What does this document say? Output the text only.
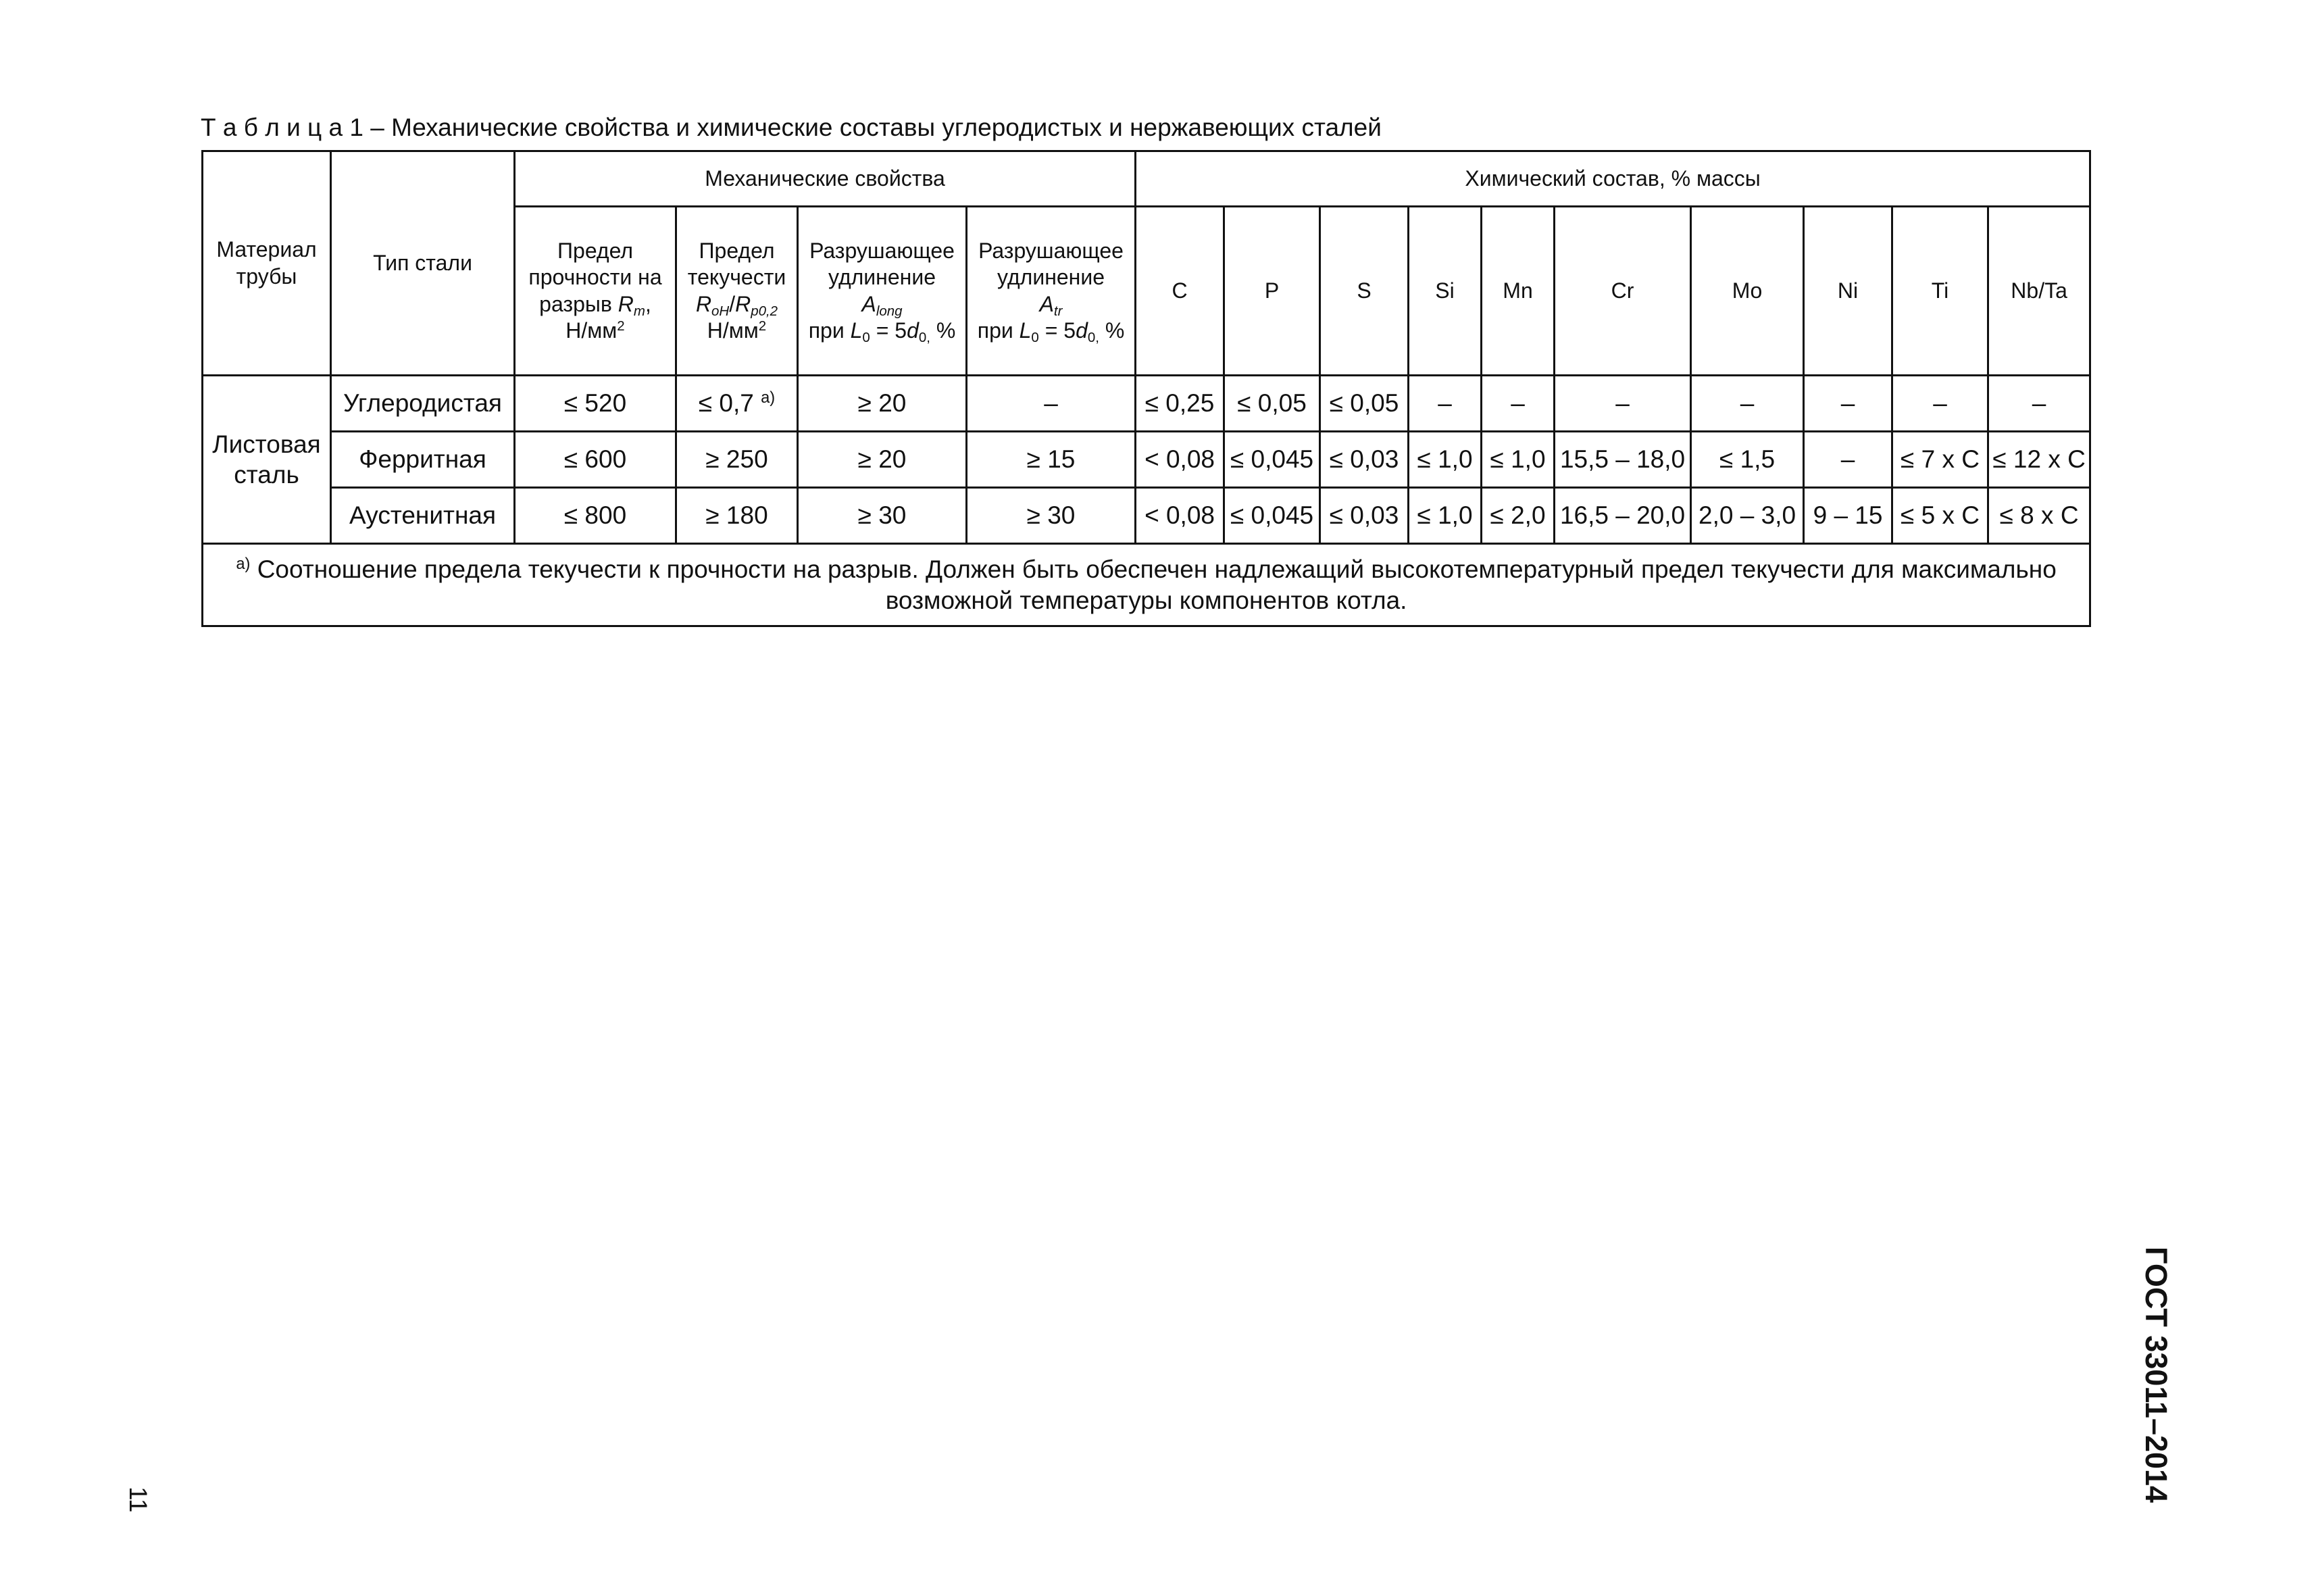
Т а б л и ц а 1 – Механические свойства и химические составы углеродистых и нержавеющих сталей
Материал трубы	Тип стали	Механические свойства				Химический состав, % массы									
		Предел
прочности на
разрыв $R_m$,
$Н/мм^2$	Предел
текучести
$R_{oH}/R_{p0,2}$
$Н/мм^2$	Разрушающее
удлинение
$A_{long}$
при $L_0 = 5d_{0,}$ %	Разрушающее
удлинение
$A_{tr}$
при $L_0 = 5d_{0,}$ %	C	P	S	Si	Mn	Cr	Mo	Ni	Ti	Nb/Ta
Листовая сталь	Углеродистая	≤ 520	≤ 0,7 $^{а)}$	≥ 20	–	≤ 0,25	≤ 0,05	≤ 0,05	–	–	–	–	–	–	–
	Ферритная	≤ 600	≥ 250	≥ 20	≥ 15	< 0,08	≤ 0,045	≤ 0,03	≤ 1,0	≤ 1,0	15,5 – 18,0	≤ 1,5	–	≤ 7 x C	≤ 12 x C
	Аустенитная	≤ 800	≥ 180	≥ 30	≥ 30	< 0,08	≤ 0,045	≤ 0,03	≤ 1,0	≤ 2,0	16,5 – 20,0	2,0 – 3,0	9 – 15	≤ 5 x C	≤ 8 x C
$^{а)}$ Соотношение предела текучести к прочности на разрыв. Должен быть обеспечен надлежащий высокотемпературный предел текучести для максимально возможной температуры компонентов котла.															
11	ГОСТ 33011–2014
